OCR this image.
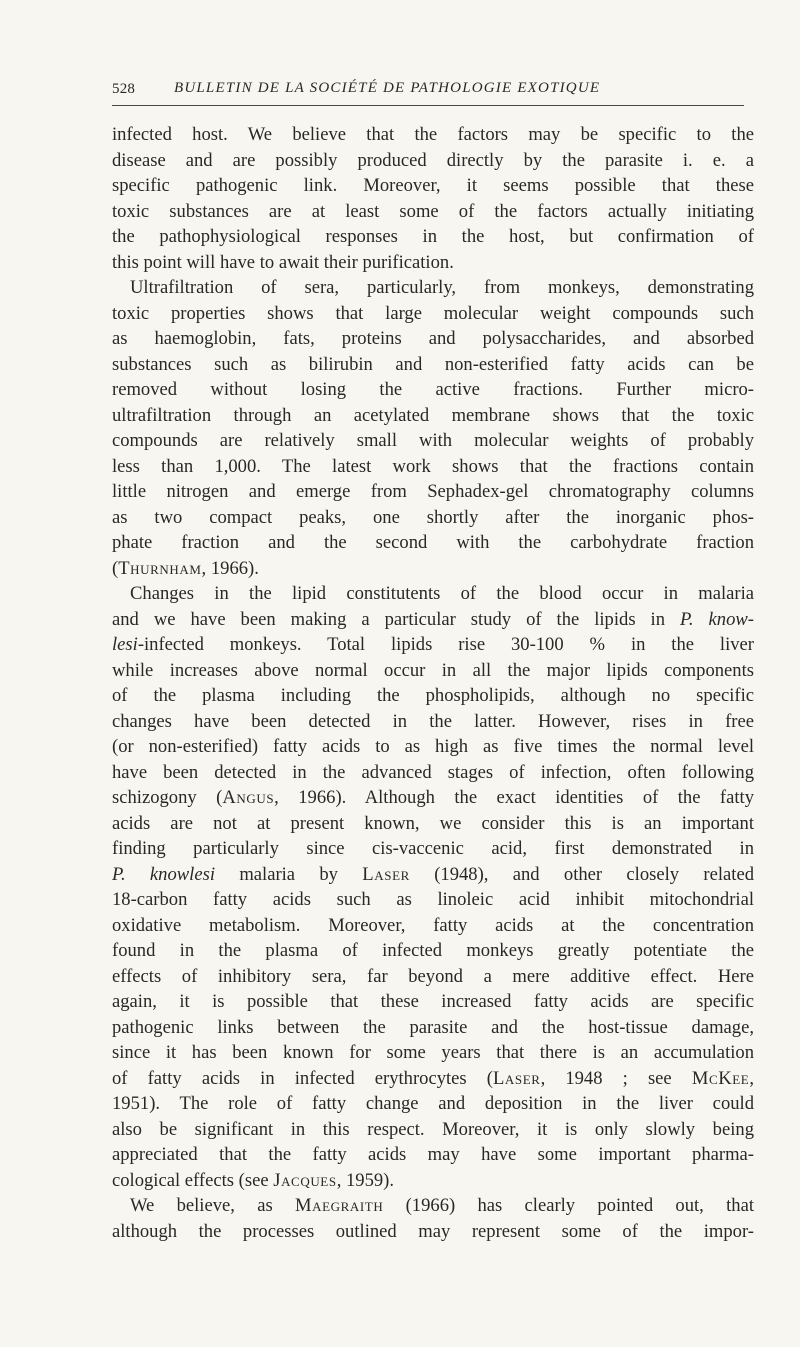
528	BULLETIN DE LA SOCIÉTÉ DE PATHOLOGIE EXOTIQUE
infected host. We believe that the factors may be specific to the
disease and are possibly produced directly by the parasite i. e. a
specific pathogenic link. Moreover, it seems possible that these
toxic substances are at least some of the factors actually initiating
the pathophysiological responses in the host, but confirmation of
this point will have to await their purification.
Ultrafiltration of sera, particularly, from monkeys, demonstrating
toxic properties shows that large molecular weight compounds such
as haemoglobin, fats, proteins and polysaccharides, and absorbed
substances such as bilirubin and non-esterified fatty acids can be
removed without losing the active fractions. Further micro-
ultrafiltration through an acetylated membrane shows that the toxic
compounds are relatively small with molecular weights of probably
less than 1,000. The latest work shows that the fractions contain
little nitrogen and emerge from Sephadex-gel chromatography columns
as two compact peaks, one shortly after the inorganic phos-
phate fraction and the second with the carbohydrate fraction
(Thurnham, 1966).
Changes in the lipid constitutents of the blood occur in malaria
and we have been making a particular study of the lipids in P. know-
lesi-infected monkeys. Total lipids rise 30-100 % in the liver
while increases above normal occur in all the major lipids components
of the plasma including the phospholipids, although no specific
changes have been detected in the latter. However, rises in free
(or non-esterified) fatty acids to as high as five times the normal level
have been detected in the advanced stages of infection, often following
schizogony (Angus, 1966). Although the exact identities of the fatty
acids are not at present known, we consider this is an important
finding particularly since cis-vaccenic acid, first demonstrated in
P. knowlesi malaria by Laser (1948), and other closely related
18-carbon fatty acids such as linoleic acid inhibit mitochondrial
oxidative metabolism. Moreover, fatty acids at the concentration
found in the plasma of infected monkeys greatly potentiate the
effects of inhibitory sera, far beyond a mere additive effect. Here
again, it is possible that these increased fatty acids are specific
pathogenic links between the parasite and the host-tissue damage,
since it has been known for some years that there is an accumulation
of fatty acids in infected erythrocytes (Laser, 1948 ; see McKee,
1951). The role of fatty change and deposition in the liver could
also be significant in this respect. Moreover, it is only slowly being
appreciated that the fatty acids may have some important pharma-
cological effects (see Jacques, 1959).
We believe, as Maegraith (1966) has clearly pointed out, that
although the processes outlined may represent some of the impor-
